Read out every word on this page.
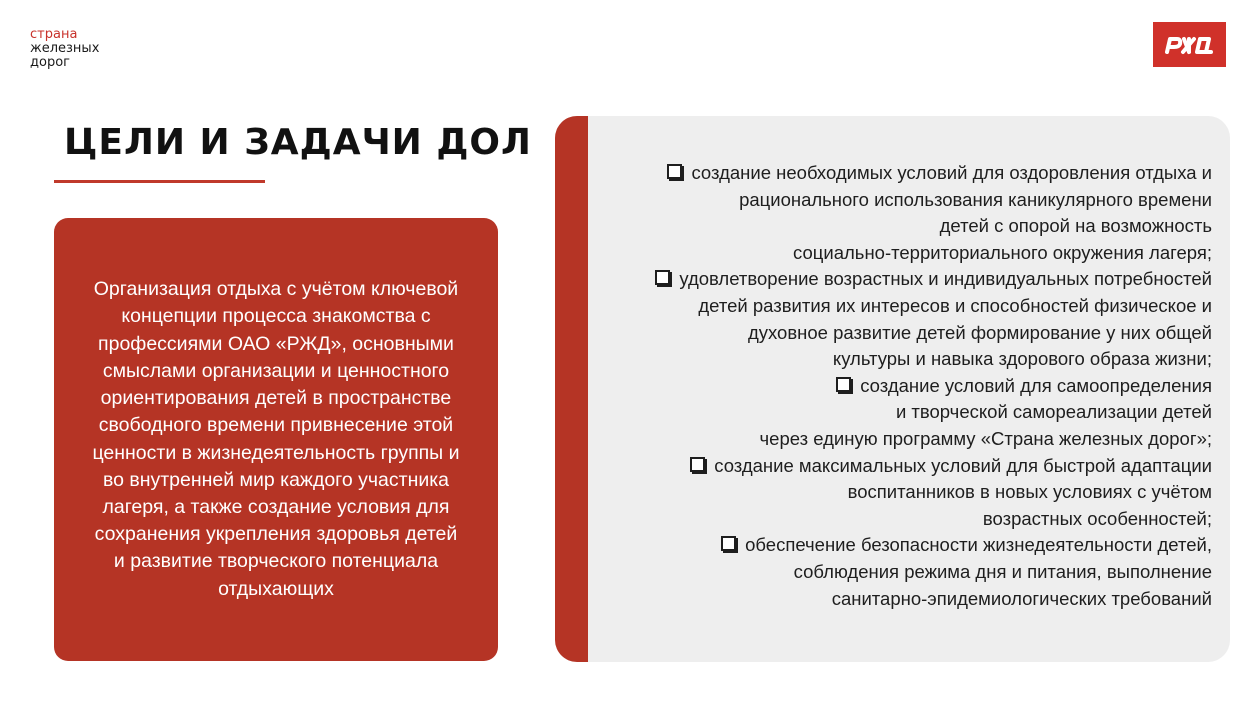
страна
железных
дорог
ЦЕЛИ И ЗАДАЧИ ДОЛ

Организация отдыха с учётом ключевой
концепции процесса знакомства с
профессиями ОАО «РЖД», основными
смыслами организации и ценностного
ориентирования детей в пространстве
свободного времени привнесение этой
ценности в жизнедеятельность группы и
во внутренней мир каждого участника
лагеря, а также создание условия для
сохранения укрепления здоровья детей
и развитие творческого потенциала
отдыхающих

создание необходимых условий для оздоровления отдыха и
рационального использования каникулярного времени
детей с опорой на возможность
социально-территориального окружения лагеря;
удовлетворение возрастных и индивидуальных потребностей
детей развития их интересов и способностей физическое и
духовное развитие детей формирование у них общей
культуры и навыка здорового образа жизни;
создание условий для самоопределения
и творческой самореализации детей
через единую программу «Страна железных дорог»;
создание максимальных условий для быстрой адаптации
воспитанников в новых условиях с учётом
возрастных особенностей;
обеспечение безопасности жизнедеятельности детей,
соблюдения режима дня и питания, выполнение
санитарно-эпидемиологических требований
